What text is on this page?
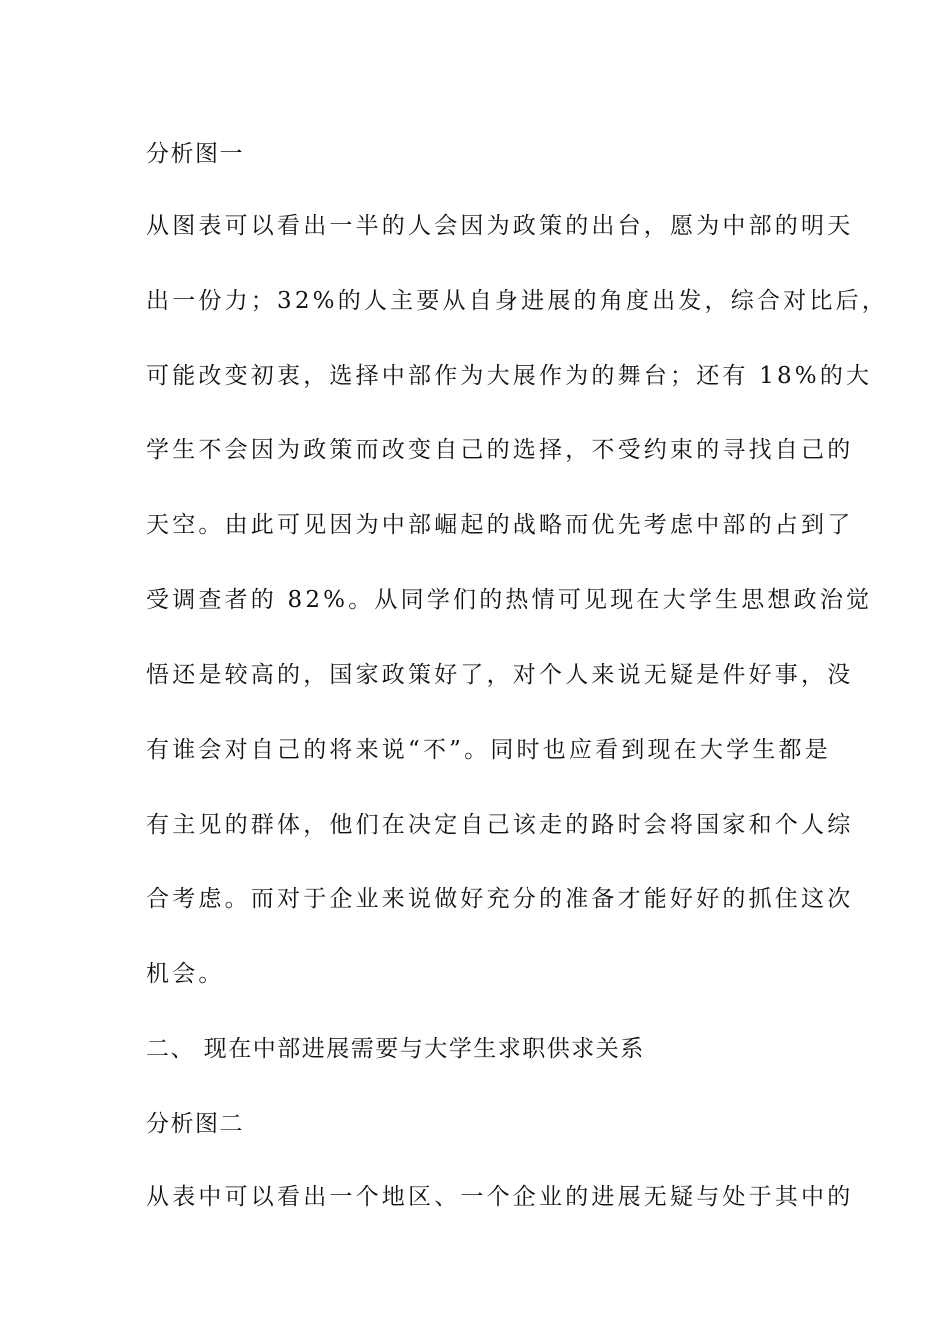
分析图一
从图表可以看出一半的人会因为政策的出台，愿为中部的明天
出一份力；32%的人主要从自身进展的角度出发，综合对比后，
可能改变初衷，选择中部作为大展作为的舞台；还有 18%的大
学生不会因为政策而改变自己的选择，不受约束的寻找自己的
天空。由此可见因为中部崛起的战略而优先考虑中部的占到了
受调查者的 82%。从同学们的热情可见现在大学生思想政治觉
悟还是较高的，国家政策好了，对个人来说无疑是件好事，没
有谁会对自己的将来说“不”。同时也应看到现在大学生都是
有主见的群体，他们在决定自己该走的路时会将国家和个人综
合考虑。而对于企业来说做好充分的准备才能好好的抓住这次
机会。
二、 现在中部进展需要与大学生求职供求关系
分析图二
从表中可以看出一个地区、一个企业的进展无疑与处于其中的
